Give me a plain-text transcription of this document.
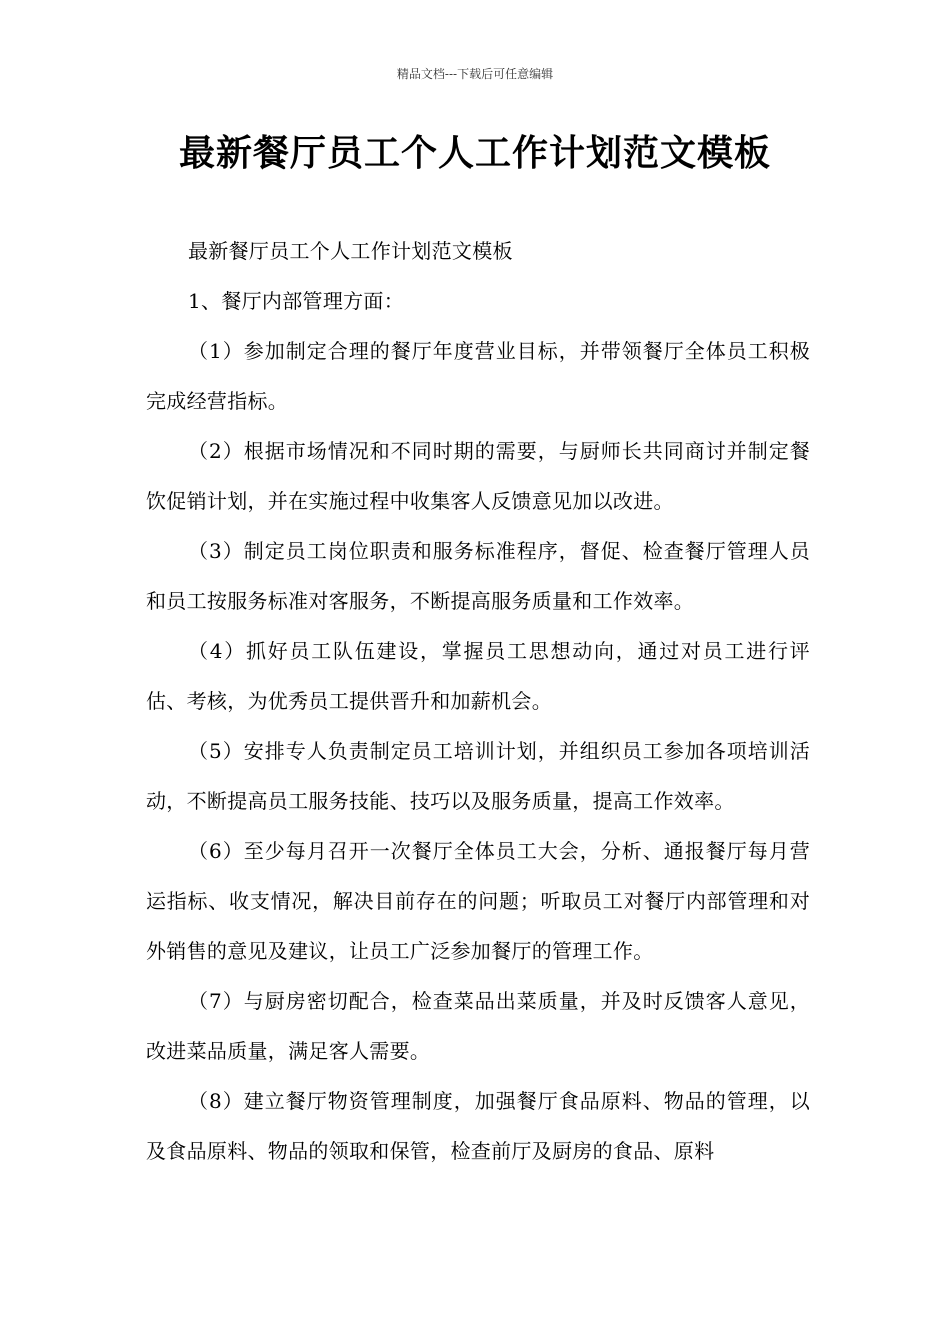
精品文档---下载后可任意编辑
最新餐厅员工个人工作计划范文模板

最新餐厅员工个人工作计划范文模板

1、餐厅内部管理方面：

（1）参加制定合理的餐厅年度营业目标，并带领餐厅全体员工积极完成经营指标。

（2）根据市场情况和不同时期的需要，与厨师长共同商讨并制定餐饮促销计划，并在实施过程中收集客人反馈意见加以改进。

（3）制定员工岗位职责和服务标准程序，督促、检查餐厅管理人员和员工按服务标准对客服务，不断提高服务质量和工作效率。

（4）抓好员工队伍建设，掌握员工思想动向，通过对员工进行评估、考核，为优秀员工提供晋升和加薪机会。

（5）安排专人负责制定员工培训计划，并组织员工参加各项培训活动，不断提高员工服务技能、技巧以及服务质量，提高工作效率。

（6）至少每月召开一次餐厅全体员工大会，分析、通报餐厅每月营运指标、收支情况，解决目前存在的问题；听取员工对餐厅内部管理和对外销售的意见及建议，让员工广泛参加餐厅的管理工作。

（7）与厨房密切配合，检查菜品出菜质量，并及时反馈客人意见，改进菜品质量，满足客人需要。

（8）建立餐厅物资管理制度，加强餐厅食品原料、物品的管理，以及食品原料、物品的领取和保管，检查前厅及厨房的食品、原料
